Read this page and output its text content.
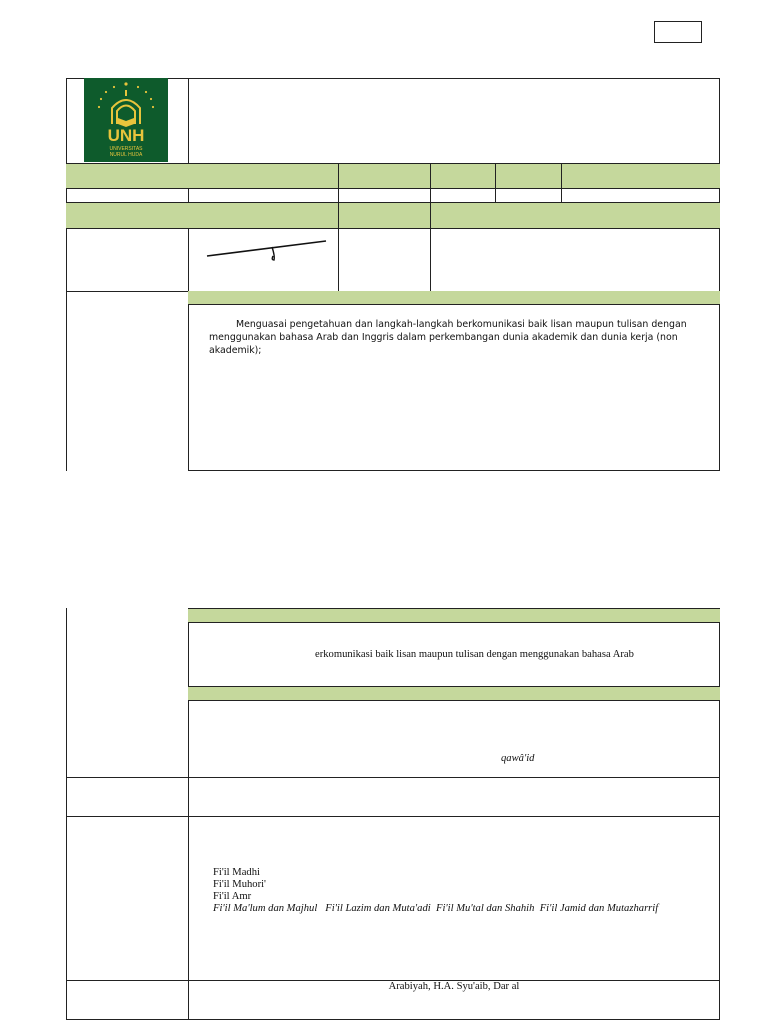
UNH
UNIVERSITAS
NURUL HUDA
Menguasai pengetahuan dan langkah-langkah berkomunikasi baik lisan maupun tulisan dengan menggunakan bahasa Arab dan Inggris dalam perkembangan dunia akademik dan dunia kerja (non akademik);
erkomunikasi baik lisan maupun tulisan dengan menggunakan bahasa Arab
qawâ'id
Fi'il Madhi
Fi'il Muhori'
Fi'il Amr
Fi'il Ma'lum dan Majhul   Fi'il Lazim dan Muta'adi  Fi'il Mu'tal dan Shahih  Fi'il Jamid dan Mutazharrif
Arabiyah, H.A. Syu'aib, Dar al
